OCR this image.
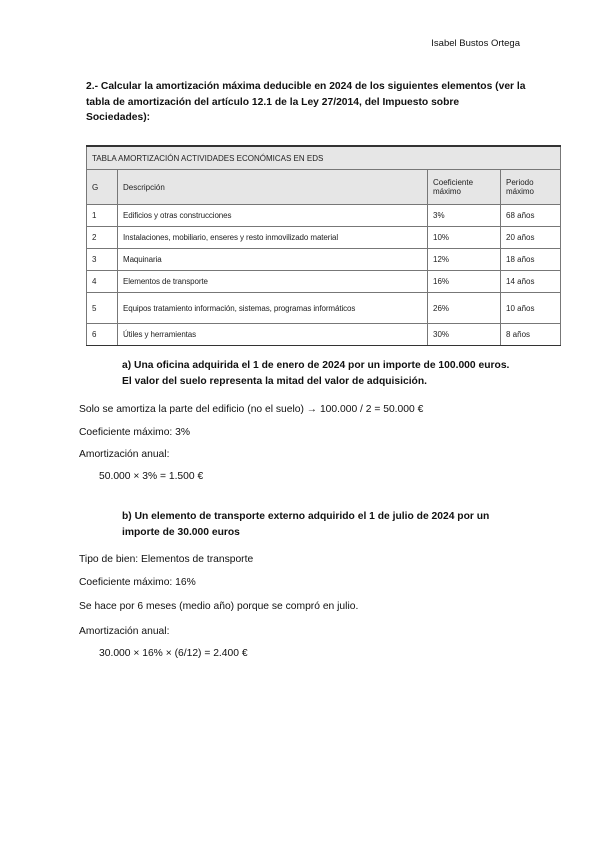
Isabel Bustos Ortega
2.- Calcular la amortización máxima deducible en 2024 de los siguientes elementos (ver la tabla de amortización del artículo 12.1 de la Ley 27/2014, del Impuesto sobre Sociedades):
TABLA AMORTIZACIÓN ACTIVIDADES ECONÓMICAS EN EDS			
G	Descripción	Coeficiente máximo	Periodo máximo
1	Edificios y otras construcciones	3%	68 años
2	Instalaciones, mobiliario, enseres y resto inmovilizado material	10%	20 años
3	Maquinaria	12%	18 años
4	Elementos de transporte	16%	14 años
5	Equipos tratamiento información, sistemas, programas informáticos	26%	10 años
6	Útiles y herramientas	30%	8 años
a) Una oficina adquirida el 1 de enero de 2024 por un importe de 100.000 euros. El valor del suelo representa la mitad del valor de adquisición.
Solo se amortiza la parte del edificio (no el suelo) → 100.000 / 2 = 50.000 €
Coeficiente máximo: 3%
Amortización anual:
50.000 × 3% = 1.500 €
b) Un elemento de transporte externo adquirido el 1 de julio de 2024 por un importe de 30.000 euros
Tipo de bien: Elementos de transporte
Coeficiente máximo: 16%
Se hace por 6 meses (medio año) porque se compró en julio.
Amortización anual:
30.000 × 16% × (6/12) = 2.400 €
